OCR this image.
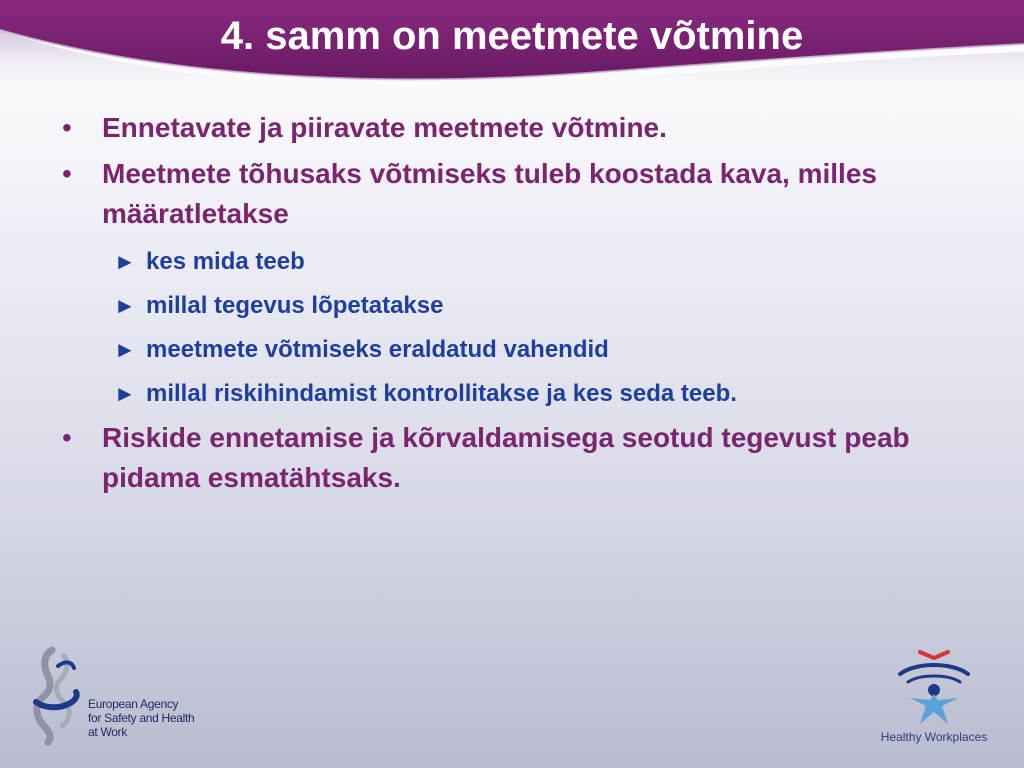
4. samm on meetmete võtmine
• Ennetavate ja piiravate meetmete võtmine.
• Meetmete tõhusaks võtmiseks tuleb koostada kava, milles määratletakse
► kes mida teeb
► millal tegevus lõpetatakse
► meetmete võtmiseks eraldatud vahendid
► millal riskihindamist kontrollitakse ja kes seda teeb.
• Riskide ennetamise ja kõrvaldamisega seotud tegevust peab pidama esmatähtsaks.
European Agency
for Safety and Health
at Work	Healthy Workplaces
